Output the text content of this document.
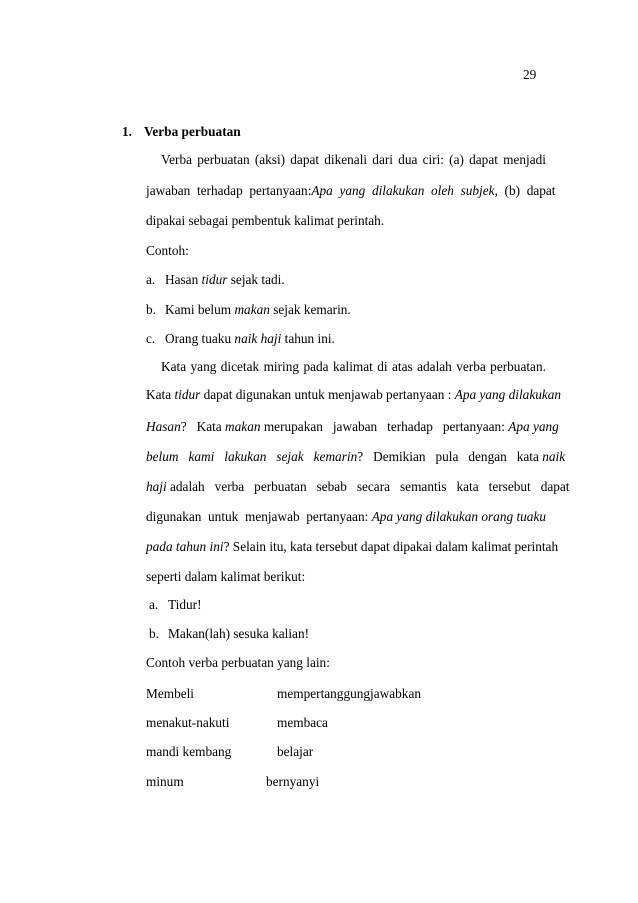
29
1. Verba perbuatan
Verba perbuatan (aksi) dapat dikenali dari dua ciri: (a) dapat menjadi
jawaban  terhadap  pertanyaan: Apa  yang  dilakukan  oleh  subjek,  (b)  dapat
dipakai sebagai pembentuk kalimat perintah.
Contoh:
a. Hasan tidur sejak tadi.
b. Kami belum makan sejak kemarin.
c. Orang tuaku naik haji tahun ini.
Kata yang dicetak miring pada kalimat di atas adalah verba perbuatan.
Kata tidur dapat digunakan untuk menjawab pertanyaan : Apa yang dilakukan
Hasan?   Kata makan merupakan   jawaban   terhadap   pertanyaan: Apa yang
belum   kami   lakukan   sejak   kemarin?   Demikian   pula   dengan   kata naik
haji adalah   verba   perbuatan   sebab   secara   semantis   kata   tersebut   dapat
digunakan  untuk  menjawab  pertanyaan: Apa yang dilakukan orang tuaku
pada tahun ini ? Selain itu, kata tersebut dapat dipakai dalam kalimat perintah
seperti dalam kalimat berikut:
a. Tidur!
b. Makan(lah) sesuka kalian!
Contoh verba perbuatan yang lain:
Membeli	mempertanggungjawabkan
menakut-nakuti	membaca
mandi kembang	belajar
minum	bernyanyi
